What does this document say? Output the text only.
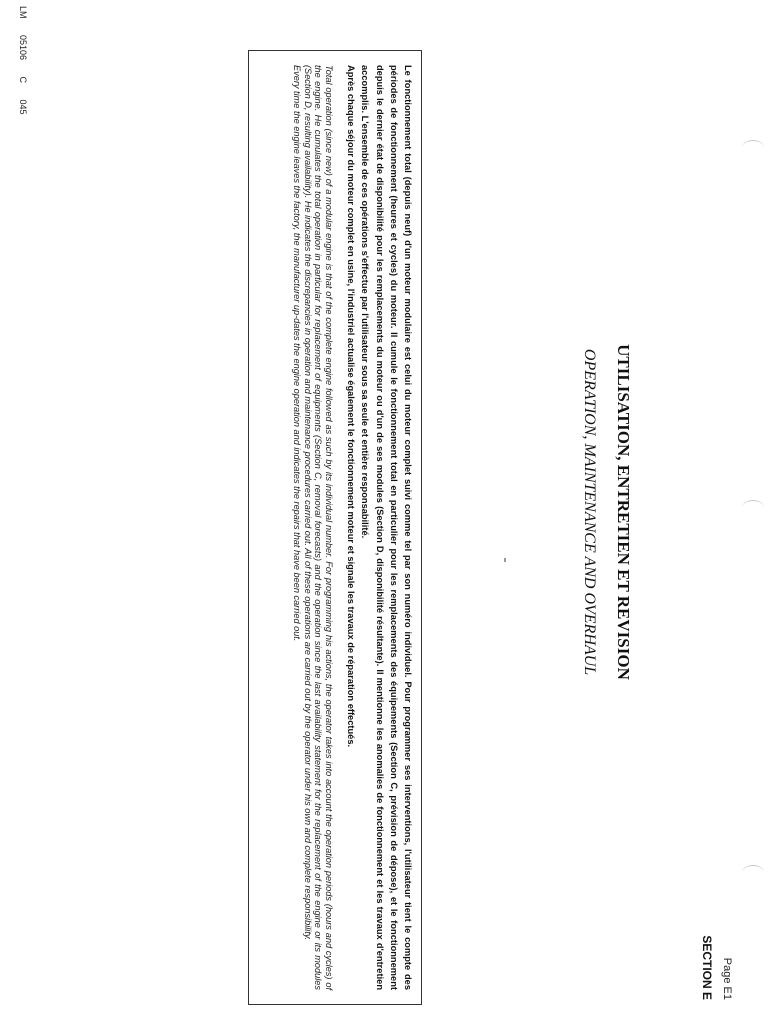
Page E1
SECTION E
UTILISATION, ENTRETIEN ET REVISION
OPERATION, MAINTENANCE AND OVERHAUL

Le fonctionnement total (depuis neuf) d'un moteur modulaire est celui du moteur complet suivi comme tel par son numéro individuel. Pour programmer ses interventions, l'utilisateur tient le compte des périodes de fonctionnement (heures et cycles) du moteur. Il cumule le fonctionnement total en particulier pour les remplacements des équipements (Section C, prévision de dépose), et le fonctionnement depuis le dernier état de disponibilité pour les remplacements du moteur ou d'un de ses modules (Section D, disponibilité résultante). Il mentionne les anomalies de fonctionnement et les travaux d'entretien accomplis. L'ensemble de ces opérations s'effectue par l'utilisateur sous sa seule et entière responsabilité.

Après chaque séjour du moteur complet en usine, l'industriel actualise également le fonctionnement moteur et signale les travaux de réparation effectués.

Total operation (since new) of a modular engine is that of the complete engine followed as such by its individual number. For programming his actions, the operator takes into account the operation periods (hours and cycles) of the engine. He cumulates the total operation in particular for replacement of equipments (Section C, removal forecasts) and the operation since the last availability statement for the replacement of the engine or its modules (Section D, resulting availability). He indicates the discrepancies in operation and maintenance procedures carried out. All of these operations are carried out by the operator under his own and complete responsibility.

Every time the engine leaves the factory, the manufacturer up-dates the engine operation and indicates the repairs that have been carried out.

LM 05106 C 045
